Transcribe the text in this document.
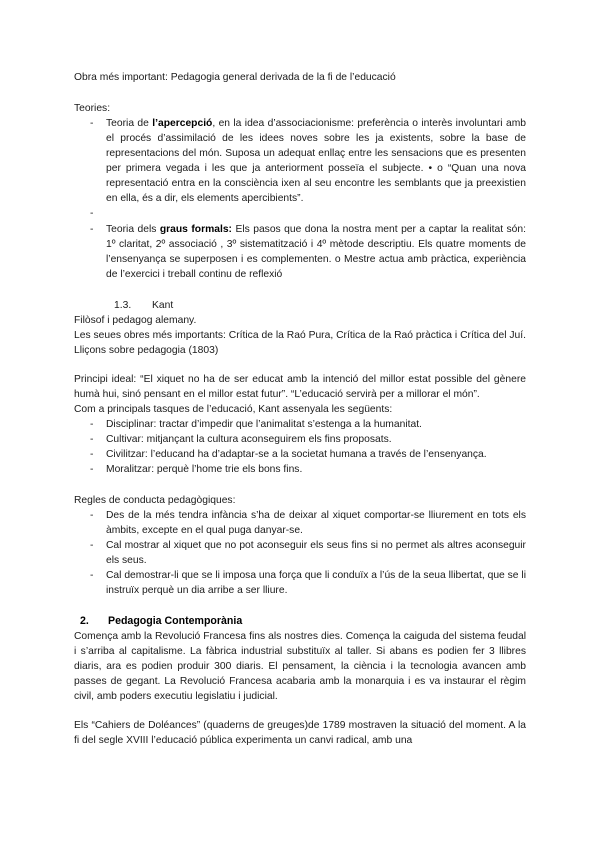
Obra més important: Pedagogia general derivada de la fi de l’educació

Teories:

- Teoria de l’apercepció, en la idea d’associacionisme: preferència o interès involuntari amb el procés d’assimilació de les idees noves sobre les ja existents, sobre la base de representacions del món. Suposa un adequat enllaç entre les sensacions que es presenten per primera vegada i les que ja anteriorment posseïa el subjecte. • o “Quan una nova representació entra en la consciència ixen al seu encontre les semblants que ja preexistien en ella, és a dir, els elements apercibients”.
-
- Teoria dels graus formals: Els pasos que dona la nostra ment per a captar la realitat són: 1º claritat, 2º associació , 3º sistematització i 4º mètode descriptiu. Els quatre moments de l’ensenyança se superposen i es complementen. o Mestre actua amb pràctica, experiència de l’exercici i treball continu de reflexió

1.3. Kant

Filòsof i pedagog alemany.

Les seues obres més importants: Crítica de la Raó Pura, Crítica de la Raó pràctica i Crítica del Juí. Lliçons sobre pedagogia (1803)

Principi ideal: “El xiquet no ha de ser educat amb la intenció del millor estat possible del gènere humà hui, sinó pensant en el millor estat futur”. “L’educació servirà per a millorar el món”.

Com a principals tasques de l’educació, Kant assenyala les següents:

- Disciplinar: tractar d’impedir que l’animalitat s’estenga a la humanitat.
- Cultivar: mitjançant la cultura aconseguirem els fins proposats.
- Civilitzar: l’educand ha d’adaptar-se a la societat humana a través de l’ensenyança.
- Moralitzar: perquè l’home trie els bons fins.

Regles de conducta pedagògiques:

- Des de la més tendra infància s’ha de deixar al xiquet comportar-se lliurement en tots els àmbits, excepte en el qual puga danyar-se.
- Cal mostrar al xiquet que no pot aconseguir els seus fins si no permet als altres aconseguir els seus.
- Cal demostrar-li que se li imposa una força que li conduïx a l’ús de la seua llibertat, que se li instruïx perquè un dia arribe a ser lliure.

2. Pedagogia Contemporània

Comença amb la Revolució Francesa fins als nostres dies. Comença la caiguda del sistema feudal i s’arriba al capitalisme. La fàbrica industrial substituïx al taller. Si abans es podien fer 3 llibres diaris, ara es podien produir 300 diaris. El pensament, la ciència i la tecnologia avancen amb passes de gegant. La Revolució Francesa acabaria amb la monarquia i es va instaurar el règim civil, amb poders executiu legislatiu i judicial.

Els “Cahiers de Doléances” (quaderns de greuges)de 1789 mostraven la situació del moment. A la fi del segle XVIII l’educació pública experimenta un canvi radical, amb una
